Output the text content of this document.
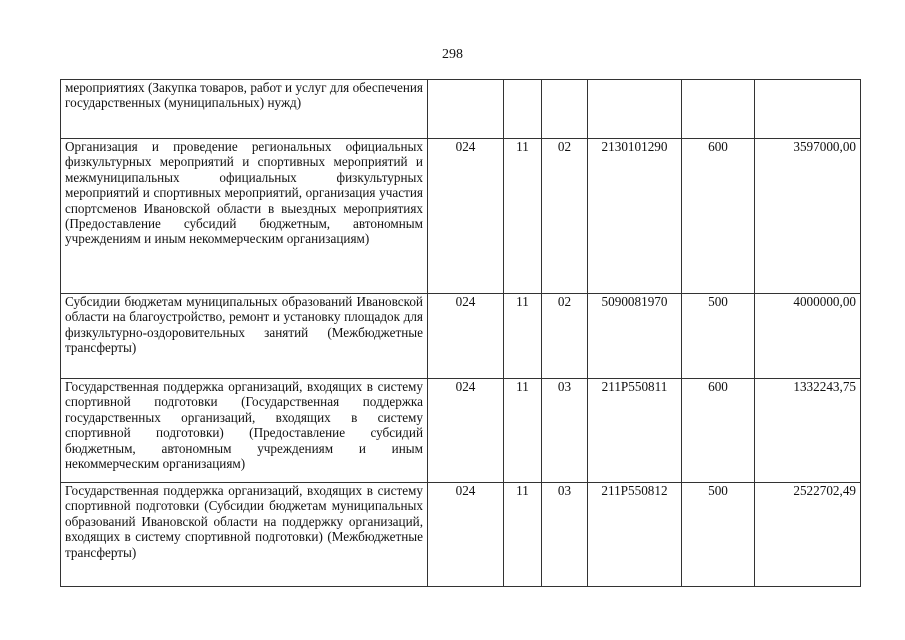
298
мероприятиях (Закупка товаров, работ и услуг для обеспечения государственных (муниципальных) нужд)						
Организация и проведение региональных официальных физкультурных мероприятий и спортивных мероприятий и межмуниципальных официальных физкультурных мероприятий и спортивных мероприятий, организация участия спортсменов Ивановской области в выездных мероприятиях (Предоставление субсидий бюджетным, автономным учреждениям и иным некоммерческим организациям)	024	11	02	2130101290	600	3597000,00
Субсидии бюджетам муниципальных образований Ивановской области на благоустройство, ремонт и установку площадок для физкультурно-оздоровительных занятий (Межбюджетные трансферты)	024	11	02	5090081970	500	4000000,00
Государственная поддержка организаций, входящих в систему спортивной подготовки (Государственная поддержка государственных организаций, входящих в систему спортивной подготовки) (Предоставление субсидий бюджетным, автономным учреждениям и иным некоммерческим организациям)	024	11	03	211P550811	600	1332243,75
Государственная поддержка организаций, входящих в систему спортивной подготовки (Субсидии бюджетам муниципальных образований Ивановской области на поддержку организаций, входящих в систему спортивной подготовки) (Межбюджетные трансферты)	024	11	03	211P550812	500	2522702,49
